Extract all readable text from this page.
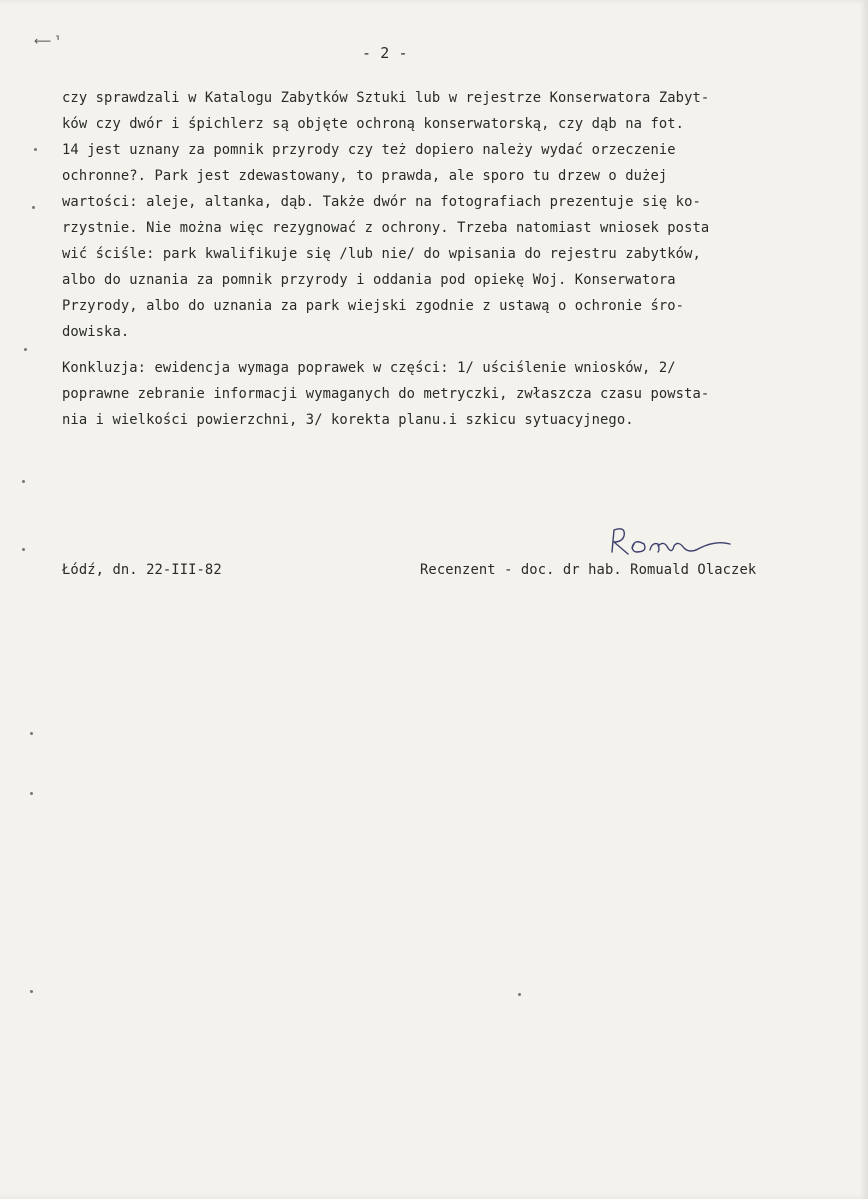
- 2 -
⟵ ⸣
czy sprawdzali w Katalogu Zabytków Sztuki lub w rejestrze Konserwatora Zabyt-
ków czy dwór i śpichlerz są objęte ochroną konserwatorską, czy dąb na fot.
14 jest uznany za pomnik przyrody czy też dopiero należy wydać orzeczenie
ochronne?. Park jest zdewastowany, to prawda, ale sporo tu drzew o dużej
wartości: aleje, altanka, dąb. Także dwór na fotografiach prezentuje się ko-
rzystnie. Nie można więc rezygnować z ochrony. Trzeba natomiast wniosek posta
wić ściśle: park kwalifikuje się /lub nie/ do wpisania do rejestru zabytków,
albo do uznania za pomnik przyrody i oddania pod opiekę Woj. Konserwatora
Przyrody, albo do uznania za park wiejski zgodnie z ustawą o ochronie śro-
dowiska.
Konkluzja: ewidencja wymaga poprawek w części: 1/ uściślenie wniosków, 2/
poprawne zebranie informacji wymaganych do metryczki, zwłaszcza czasu powsta-
nia i wielkości powierzchni, 3/ korekta planu.i szkicu sytuacyjnego.
Łódź, dn. 22-III-82	Recenzent - doc. dr hab. Romuald Olaczek
